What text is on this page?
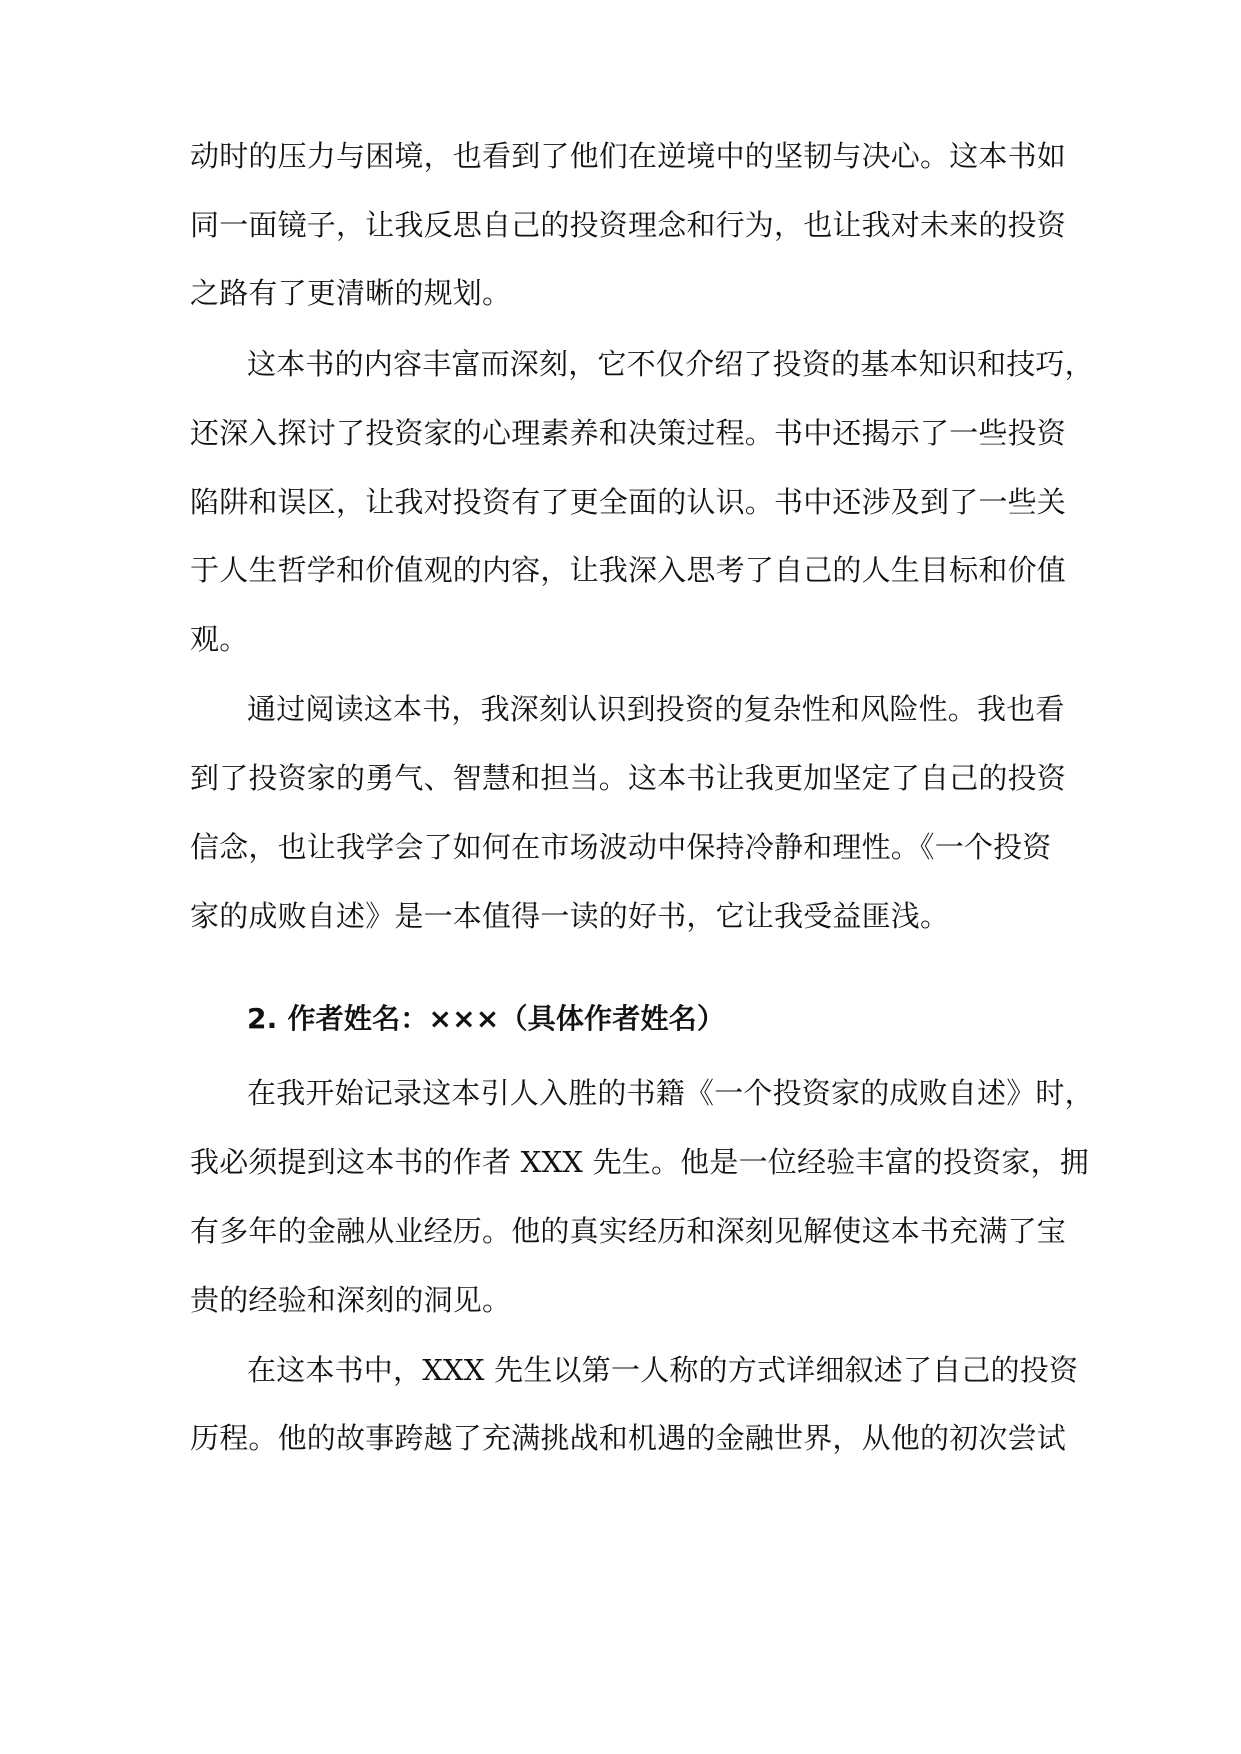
动时的压力与困境，也看到了他们在逆境中的坚韧与决心。这本书如
同一面镜子，让我反思自己的投资理念和行为，也让我对未来的投资
之路有了更清晰的规划。
这本书的内容丰富而深刻，它不仅介绍了投资的基本知识和技巧，
还深入探讨了投资家的心理素养和决策过程。书中还揭示了一些投资
陷阱和误区，让我对投资有了更全面的认识。书中还涉及到了一些关
于人生哲学和价值观的内容，让我深入思考了自己的人生目标和价值
观。
通过阅读这本书，我深刻认识到投资的复杂性和风险性。我也看
到了投资家的勇气、智慧和担当。这本书让我更加坚定了自己的投资
信念，也让我学会了如何在市场波动中保持冷静和理性。《一个投资
家的成败自述》是一本值得一读的好书，它让我受益匪浅。
2. 作者姓名：×××（具体作者姓名）
在我开始记录这本引人入胜的书籍《一个投资家的成败自述》时，
我必须提到这本书的作者 XXX 先生。他是一位经验丰富的投资家，拥
有多年的金融从业经历。他的真实经历和深刻见解使这本书充满了宝
贵的经验和深刻的洞见。
在这本书中，XXX 先生以第一人称的方式详细叙述了自己的投资
历程。他的故事跨越了充满挑战和机遇的金融世界，从他的初次尝试
